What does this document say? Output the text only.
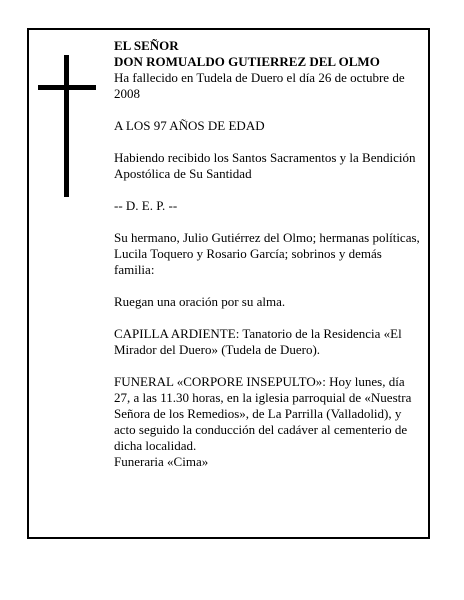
EL SEÑOR
DON ROMUALDO GUTIERREZ DEL OLMO

Ha fallecido en Tudela de Duero el día 26 de octubre de 2008

A LOS 97 AÑOS DE EDAD

Habiendo recibido los Santos Sacramentos y la Bendición Apostólica de Su Santidad

-- D. E. P. --

Su hermano, Julio Gutiérrez del Olmo; hermanas políticas, Lucila Toquero y Rosario García; sobrinos y demás familia:

Ruegan una oración por su alma.

CAPILLA ARDIENTE: Tanatorio de la Residencia «El Mirador del Duero» (Tudela de Duero).

FUNERAL «CORPORE INSEPULTO»: Hoy lunes, día 27, a las 11.30 horas, en la iglesia parroquial de «Nuestra Señora de los Remedios», de La Parrilla (Valladolid), y acto seguido la conducción del cadáver al cementerio de dicha localidad.

Funeraria «Cima»
